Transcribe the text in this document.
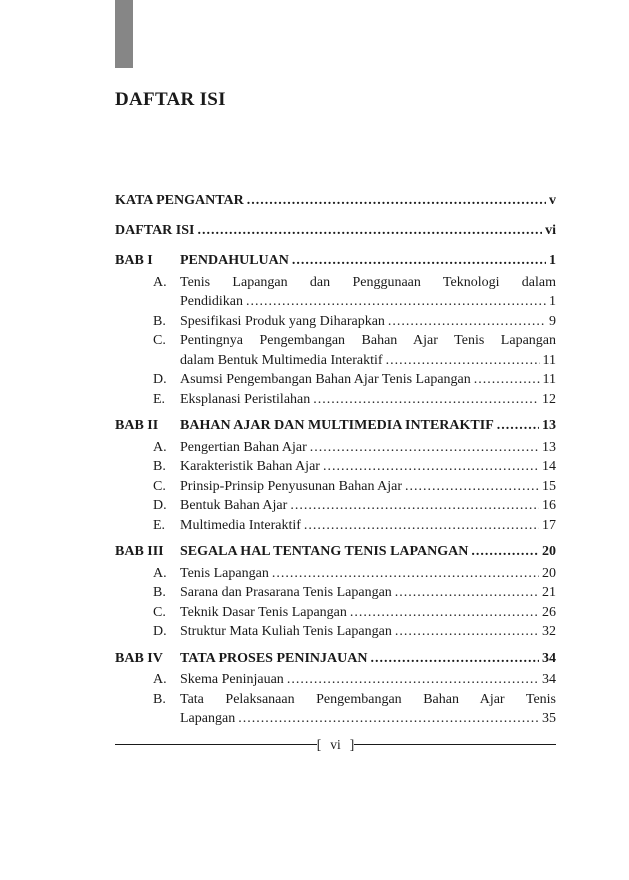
DAFTAR ISI
KATA PENGANTAR .....	v
DAFTAR ISI .....	vi
BAB I	PENDAHULUAN .....	1
A. Tenis Lapangan dan Penggunaan Teknologi dalam
Pendidikan .....	1
B.	Spesifikasi Produk yang Diharapkan .....	9
C.	Pentingnya Pengembangan Bahan Ajar Tenis Lapangan
dalam Bentuk Multimedia Interaktif .....	11
D. Asumsi Pengembangan Bahan Ajar Tenis Lapangan .....	11
E.	Eksplanasi Peristilahan .....	12
BAB II	BAHAN AJAR DAN MULTIMEDIA INTERAKTIF .....	13
A. Pengertian Bahan Ajar .....	13
B.	Karakteristik Bahan Ajar .....	14
C.	Prinsip-Prinsip Penyusunan Bahan Ajar .....	15
D. Bentuk Bahan Ajar .....	16
E.	Multimedia Interaktif .....	17
BAB III	SEGALA HAL TENTANG TENIS LAPANGAN .....	20
A. Tenis Lapangan .....	20
B.	Sarana dan Prasarana Tenis Lapangan .....	21
C.	Teknik Dasar Tenis Lapangan .....	26
D. Struktur Mata Kuliah Tenis Lapangan .....	32
BAB IV	TATA PROSES PENINJAUAN .....	34
A. Skema Peninjauan .....	34
B.	Tata Pelaksanaan Pengembangan Bahan Ajar Tenis
Lapangan .....	35
[ vi ]
